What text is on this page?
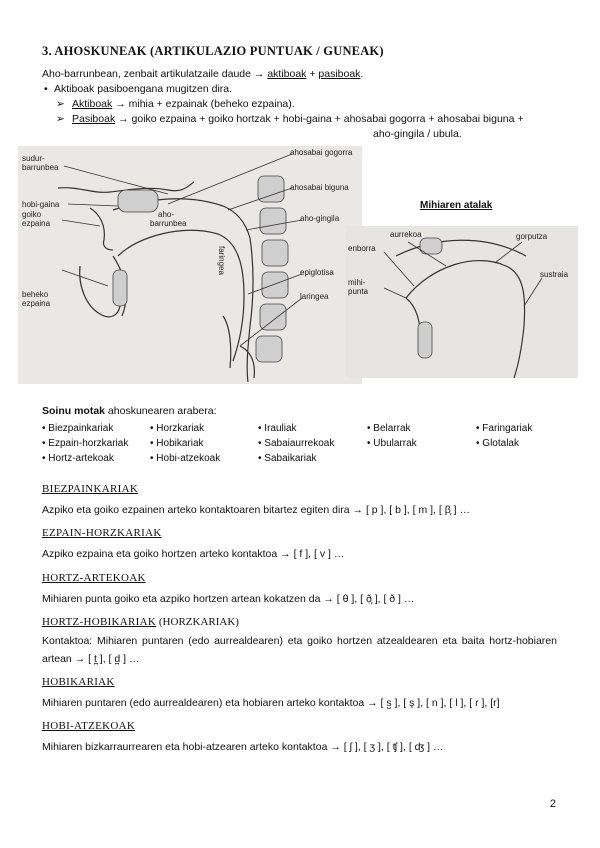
3. AHOSKUNEAK (ARTIKULAZIO PUNTUAK / GUNEAK)
Aho-barrunbean, zenbait artikulatzaile daude → aktiboak + pasiboak.
• Aktiboak pasiboengana mugitzen dira.
➢ Aktiboak → mihia + ezpainak (beheko ezpaina).
➢ Pasiboak → goiko ezpaina + goiko hortzak + hobi-gaina + ahosabai gogorra + ahosabai biguna +
aho-gingila / ubula.
sudur-
barrunbea
hobi-gaina
goiko
ezpaina
beheko
ezpaina
ahosabai gogorra
ahosabai biguna
aho-gingila
epiglotisa
laringea
aho-
barrunbea
faringea
Mihiaren atalak
aurrekoa	gorputza
enborra
sustraia
mihi-
punta
Soinu motak ahoskunearen arabera:
• Biezpainkariak
• Ezpain-horzkariak
• Hortz-artekoak
• Horzkariak
• Hobikariak
• Hobi-atzekoak
• Irauliak
• Sabaiaurrekoak
• Sabaikariak
• Belarrak
• Ubularrak
• Faringariak
• Glotalak
BIEZPAINKARIAK
Azpiko eta goiko ezpainen arteko kontaktoaren bitartez egiten dira → [ p ], [ b ], [ m ], [ β̞ ] …
EZPAIN-HORZKARIAK
Azpiko ezpaina eta goiko hortzen arteko kontaktoa → [ f ], [ v ] …
HORTZ-ARTEKOAK
Mihiaren punta goiko eta azpiko hortzen artean kokatzen da → [ θ ], [ ð̣̞ ], [ ð ] …
HORTZ-HOBIKARIAK (HORZKARIAK)
Kontaktoa: Mihiaren puntaren (edo aurrealdearen) eta goiko hortzen atzealdearen eta baita hortz-hobiaren artean → [ t̪ ], [ d̪ ] …
HOBIKARIAK
Mihiaren puntaren (edo aurrealdearen) eta hobiaren arteko kontaktoa → [ s̺ ], [ ş ], [ n ], [ l ], [ ɾ ], [r]
HOBI-ATZEKOAK
Mihiaren bizkarraurrearen eta hobi-atzearen arteko kontaktoa → [ ʃ ], [ ʒ ], [ ʧ ], [ ʤ ] …
2
